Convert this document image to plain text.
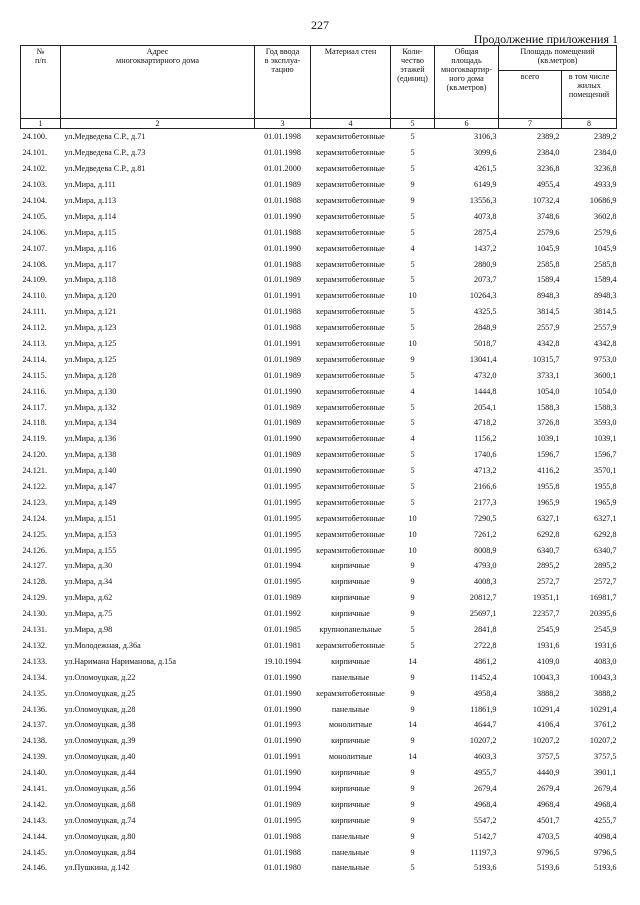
227
Продолжение приложения 1
№
п/п	Адрес
многоквартирного дома	Год ввода
в эксплуа-
тацию	Материал стен	Коли-
чество
этажей
(единиц)	Общая
площадь
многоквартир-
ного дома
(кв.метров)	Площадь помещений
(кв.метров)	
						всего	в том числе
жилых
помещений
1	2	3	4	5	6	7	8
24.100.	ул.Медведева С.Р., д.71	01.01.1998	керамзитобетонные	5	3106,3	2389,2	2389,2
24.101.	ул.Медведева С.Р., д.73	01.01.1998	керамзитобетонные	5	3099,6	2384,0	2384,0
24.102.	ул.Медведева С.Р., д.81	01.01.2000	керамзитобетонные	5	4261,5	3236,8	3236,8
24.103.	ул.Мира, д.111	01.01.1989	керамзитобетонные	9	6149,9	4955,4	4933,9
24.104.	ул.Мира, д.113	01.01.1988	керамзитобетонные	9	13556,3	10732,4	10686,9
24.105.	ул.Мира, д.114	01.01.1990	керамзитобетонные	5	4073,8	3748,6	3602,8
24.106.	ул.Мира, д.115	01.01.1988	керамзитобетонные	5	2875,4	2579,6	2579,6
24.107.	ул.Мира, д.116	01.01.1990	керамзитобетонные	4	1437,2	1045,9	1045,9
24.108.	ул.Мира, д.117	01.01.1988	керамзитобетонные	5	2880,9	2585,8	2585,8
24.109.	ул.Мира, д.118	01.01.1989	керамзитобетонные	5	2073,7	1589,4	1589,4
24.110.	ул.Мира, д.120	01.01.1991	керамзитобетонные	10	10264,3	8948,3	8948,3
24.111.	ул.Мира, д.121	01.01.1988	керамзитобетонные	5	4325,5	3814,5	3814,5
24.112.	ул.Мира, д.123	01.01.1988	керамзитобетонные	5	2848,9	2557,9	2557,9
24.113.	ул.Мира, д.125	01.01.1991	керамзитобетонные	10	5018,7	4342,8	4342,8
24.114.	ул.Мира, д.125	01.01.1989	керамзитобетонные	9	13041,4	10315,7	9753,0
24.115.	ул.Мира, д.128	01.01.1989	керамзитобетонные	5	4732,0	3733,1	3600,1
24.116.	ул.Мира, д.130	01.01.1990	керамзитобетонные	4	1444,8	1054,0	1054,0
24.117.	ул.Мира, д.132	01.01.1989	керамзитобетонные	5	2054,1	1588,3	1588,3
24.118.	ул.Мира, д.134	01.01.1989	керамзитобетонные	5	4718,2	3726,8	3593,0
24.119.	ул.Мира, д.136	01.01.1990	керамзитобетонные	4	1156,2	1039,1	1039,1
24.120.	ул.Мира, д.138	01.01.1989	керамзитобетонные	5	1740,6	1596,7	1596,7
24.121.	ул.Мира, д.140	01.01.1990	керамзитобетонные	5	4713,2	4116,2	3570,1
24.122.	ул.Мира, д.147	01.01.1995	керамзитобетонные	5	2166,6	1955,8	1955,8
24.123.	ул.Мира, д.149	01.01.1995	керамзитобетонные	5	2177,3	1965,9	1965,9
24.124.	ул.Мира, д.151	01.01.1995	керамзитобетонные	10	7290,5	6327,1	6327,1
24.125.	ул.Мира, д.153	01.01.1995	керамзитобетонные	10	7261,2	6292,8	6292,8
24.126.	ул.Мира, д.155	01.01.1995	керамзитобетонные	10	8008,9	6340,7	6340,7
24.127.	ул.Мира, д.30	01.01.1994	кирпичные	9	4793,0	2895,2	2895,2
24.128.	ул.Мира, д.34	01.01.1995	кирпичные	9	4008,3	2572,7	2572,7
24.129.	ул.Мира, д.62	01.01.1989	кирпичные	9	20812,7	19351,1	16981,7
24.130.	ул.Мира, д.75	01.01.1992	кирпичные	9	25697,1	22357,7	20395,6
24.131.	ул.Мира, д.98	01.01.1985	крупнопанельные	5	2841,8	2545,9	2545,9
24.132.	ул.Молодежная, д.36а	01.01.1981	керамзитобетонные	5	2722,8	1931,6	1931,6
24.133.	ул.Наримана Нариманова, д.15а	19.10.1994	кирпичные	14	4861,2	4109,0	4083,0
24.134.	ул.Оломоуцкая, д.22	01.01.1990	панельные	9	11452,4	10043,3	10043,3
24.135.	ул.Оломоуцкая, д.25	01.01.1990	керамзитобетонные	9	4958,4	3888,2	3888,2
24.136.	ул.Оломоуцкая, д.28	01.01.1990	панельные	9	11861,9	10291,4	10291,4
24.137.	ул.Оломоуцкая, д.38	01.01.1993	монолитные	14	4644,7	4106,4	3761,2
24.138.	ул.Оломоуцкая, д.39	01.01.1990	кирпичные	9	10207,2	10207,2	10207,2
24.139.	ул.Оломоуцкая, д.40	01.01.1991	монолитные	14	4603,3	3757,5	3757,5
24.140.	ул.Оломоуцкая, д.44	01.01.1990	кирпичные	9	4955,7	4440,9	3901,1
24.141.	ул.Оломоуцкая, д.56	01.01.1994	кирпичные	9	2679,4	2679,4	2679,4
24.142.	ул.Оломоуцкая, д.68	01.01.1989	кирпичные	9	4968,4	4968,4	4968,4
24.143.	ул.Оломоуцкая, д.74	01.01.1995	кирпичные	9	5547,2	4501,7	4255,7
24.144.	ул.Оломоуцкая, д.80	01.01.1988	панельные	9	5142,7	4703,5	4098,4
24.145.	ул.Оломоуцкая, д.84	01.01.1988	панельные	9	11197,3	9796,5	9796,5
24.146.	ул.Пушкина, д.142	01.01.1980	панельные	5	5193,6	5193,6	5193,6
